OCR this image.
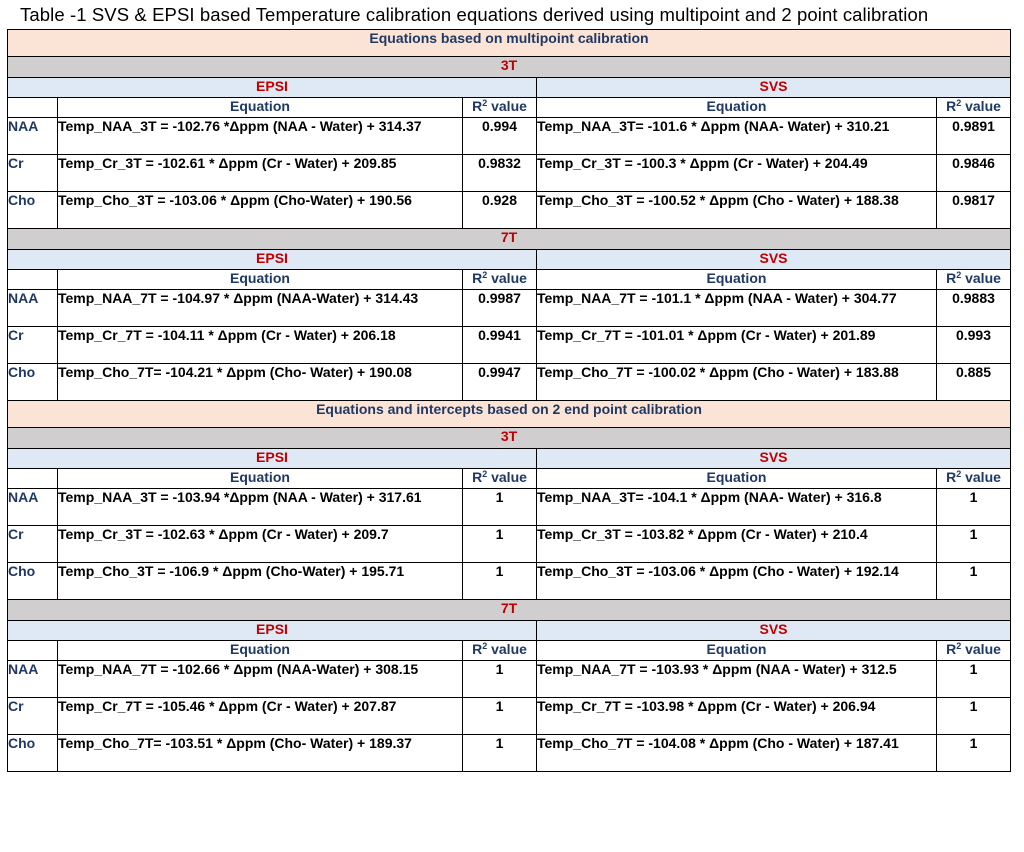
Table -1 SVS & EPSI based Temperature calibration equations derived using multipoint and 2 point calibration
Equations based on multipoint calibration				
3T				
EPSI			SVS	
	Equation	$R^2$ value	Equation	$R^2$ value
NAA	Temp_NAA_3T = -102.76 *Δppm (NAA - Water) + 314.37	0.994	Temp_NAA_3T= -101.6 * Δppm (NAA- Water) + 310.21	0.9891
Cr	Temp_Cr_3T = -102.61 * Δppm (Cr - Water) + 209.85	0.9832	Temp_Cr_3T = -100.3 * Δppm (Cr - Water) + 204.49	0.9846
Cho	Temp_Cho_3T = -103.06 * Δppm (Cho-Water) + 190.56	0.928	Temp_Cho_3T = -100.52 * Δppm (Cho - Water) + 188.38	0.9817
7T				
EPSI			SVS	
	Equation	$R^2$ value	Equation	$R^2$ value
NAA	Temp_NAA_7T = -104.97 * Δppm (NAA-Water) + 314.43	0.9987	Temp_NAA_7T = -101.1 * Δppm (NAA - Water) + 304.77	0.9883
Cr	Temp_Cr_7T = -104.11 * Δppm (Cr - Water) + 206.18	0.9941	Temp_Cr_7T = -101.01 * Δppm (Cr - Water) + 201.89	0.993
Cho	Temp_Cho_7T= -104.21 * Δppm (Cho- Water) + 190.08	0.9947	Temp_Cho_7T = -100.02 * Δppm (Cho - Water) + 183.88	0.885
Equations and intercepts based on 2 end point calibration				
3T				
EPSI			SVS	
	Equation	$R^2$ value	Equation	$R^2$ value
NAA	Temp_NAA_3T = -103.94 *Δppm (NAA - Water) + 317.61	1	Temp_NAA_3T= -104.1 * Δppm (NAA- Water) + 316.8	1
Cr	Temp_Cr_3T = -102.63 * Δppm (Cr - Water) + 209.7	1	Temp_Cr_3T = -103.82 * Δppm (Cr - Water) + 210.4	1
Cho	Temp_Cho_3T = -106.9 * Δppm (Cho-Water) + 195.71	1	Temp_Cho_3T = -103.06 * Δppm (Cho - Water) + 192.14	1
7T				
EPSI			SVS	
	Equation	$R^2$ value	Equation	$R^2$ value
NAA	Temp_NAA_7T = -102.66 * Δppm (NAA-Water) + 308.15	1	Temp_NAA_7T = -103.93 * Δppm (NAA - Water) + 312.5	1
Cr	Temp_Cr_7T = -105.46 * Δppm (Cr - Water) + 207.87	1	Temp_Cr_7T = -103.98 * Δppm (Cr - Water) + 206.94	1
Cho	Temp_Cho_7T= -103.51 * Δppm (Cho- Water) + 189.37	1	Temp_Cho_7T = -104.08 * Δppm (Cho - Water) + 187.41	1
